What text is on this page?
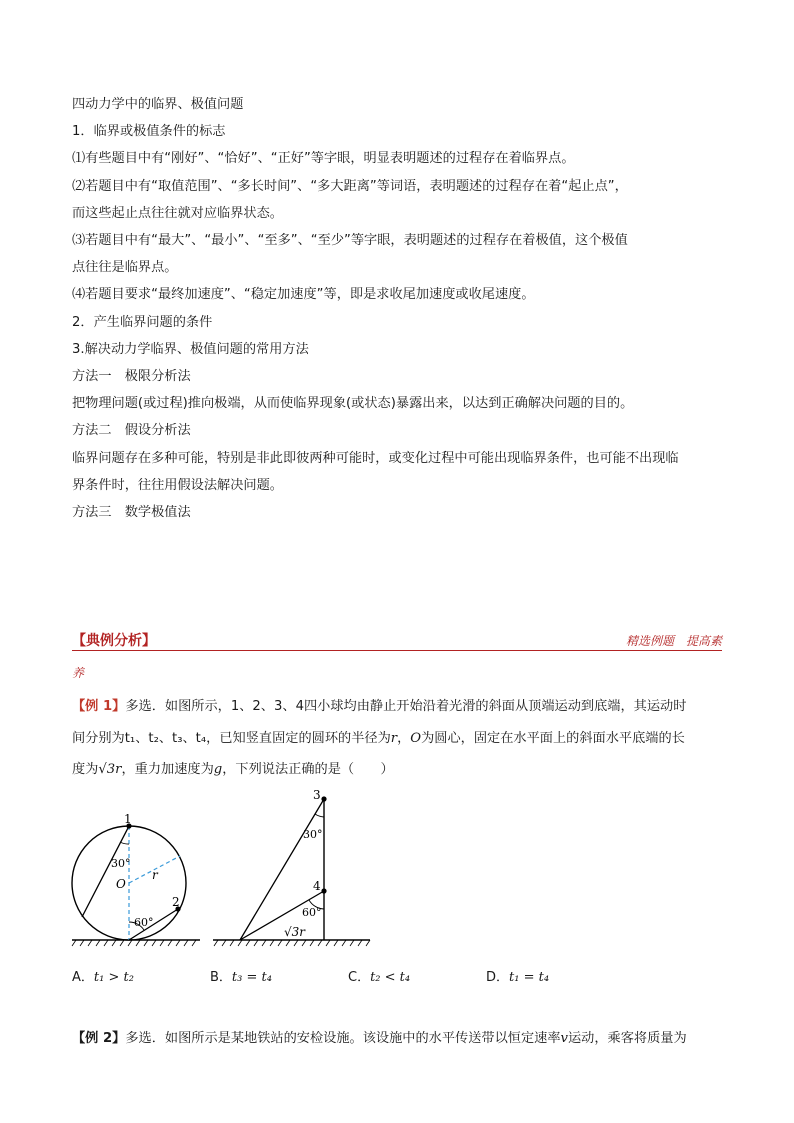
四动力学中的临界、极值问题
1．临界或极值条件的标志
⑴有些题目中有“刚好”、“恰好”、“正好”等字眼，明显表明题述的过程存在着临界点。
⑵若题目中有“取值范围”、“多长时间”、“多大距离”等词语，表明题述的过程存在着“起止点”，
而这些起止点往往就对应临界状态。
⑶若题目中有“最大”、“最小”、“至多”、“至少”等字眼，表明题述的过程存在着极值，这个极值
点往往是临界点。
⑷若题目要求“最终加速度”、“稳定加速度”等，即是求收尾加速度或收尾速度。
2．产生临界问题的条件
3.解决动力学临界、极值问题的常用方法
方法一　极限分析法
把物理问题(或过程)推向极端，从而使临界现象(或状态)暴露出来，以达到正确解决问题的目的。
方法二　假设分析法
临界问题存在多种可能，特别是非此即彼两种可能时，或变化过程中可能出现临界条件，也可能不出现临
界条件时，往往用假设法解决问题。
方法三　数学极值法
【典例分析】	精选例题　提高素
养
【例 1】多选．如图所示，1、2、3、4四小球均由静止开始沿着光滑的斜面从顶端运动到底端，其运动时
间分别为t₁、t₂、t₃、t₄，已知竖直固定的圆环的半径为r，O为圆心，固定在水平面上的斜面水平底端的长
度为√3r，重力加速度为g，下列说法正确的是（　　）
1
2
30°
O
r
60°
3
4
30°
60°
√3r
A．t₁ > t₂	B．t₃ = t₄	C．t₂ < t₄	D．t₁ = t₄
【例 2】多选．如图所示是某地铁站的安检设施。该设施中的水平传送带以恒定速率v运动，乘客将质量为
